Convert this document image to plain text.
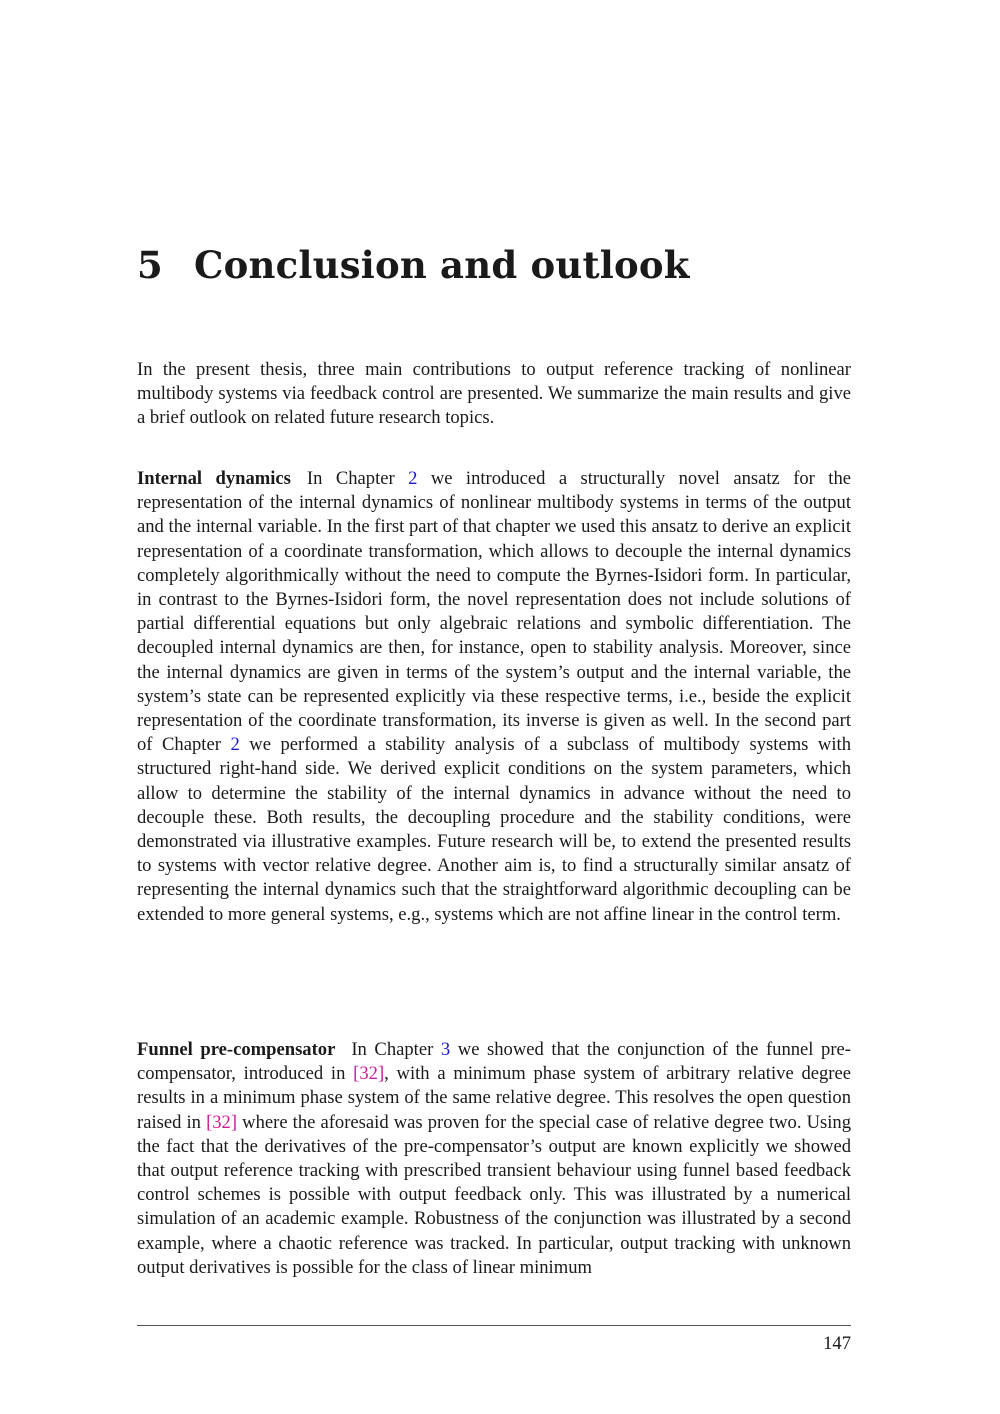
5 Conclusion and outlook

In the present thesis, three main contributions to output reference tracking of nonlinear multibody systems via feedback control are presented. We summarize the main results and give a brief outlook on related future research topics.

Internal dynamics In Chapter 2 we introduced a structurally novel ansatz for the representation of the internal dynamics of nonlinear multibody systems in terms of the output and the internal variable. In the first part of that chapter we used this ansatz to derive an explicit representation of a coordinate transformation, which allows to decouple the internal dynamics completely algorithmically without the need to compute the Byrnes-Isidori form. In particular, in contrast to the Byrnes-Isidori form, the novel representation does not include solutions of partial differential equations but only algebraic relations and symbolic differentiation. The decoupled internal dynamics are then, for instance, open to stability analysis. Moreover, since the internal dynamics are given in terms of the system’s output and the internal variable, the system’s state can be represented explicitly via these respective terms, i.e., beside the explicit representation of the coordinate transformation, its inverse is given as well. In the second part of Chapter 2 we performed a stability analysis of a subclass of multibody systems with structured right-hand side. We derived explicit conditions on the system parameters, which allow to determine the stability of the internal dynamics in advance without the need to decouple these. Both results, the decoupling procedure and the stability conditions, were demonstrated via illustrative examples. Future research will be, to extend the presented results to systems with vector relative degree. Another aim is, to find a structurally similar ansatz of representing the internal dynamics such that the straightforward algorithmic decoupling can be extended to more general systems, e.g., systems which are not affine linear in the control term.

Funnel pre-compensator In Chapter 3 we showed that the conjunction of the funnel pre-compensator, introduced in [32], with a minimum phase system of arbitrary relative degree results in a minimum phase system of the same relative degree. This resolves the open question raised in [32] where the aforesaid was proven for the special case of relative degree two. Using the fact that the derivatives of the pre-compensator’s output are known explicitly we showed that output reference tracking with prescribed transient behaviour using funnel based feedback control schemes is possible with output feedback only. This was illustrated by a numerical simulation of an academic example. Robustness of the conjunction was illustrated by a second example, where a chaotic reference was tracked. In particular, output tracking with unknown output derivatives is possible for the class of linear minimum

147
